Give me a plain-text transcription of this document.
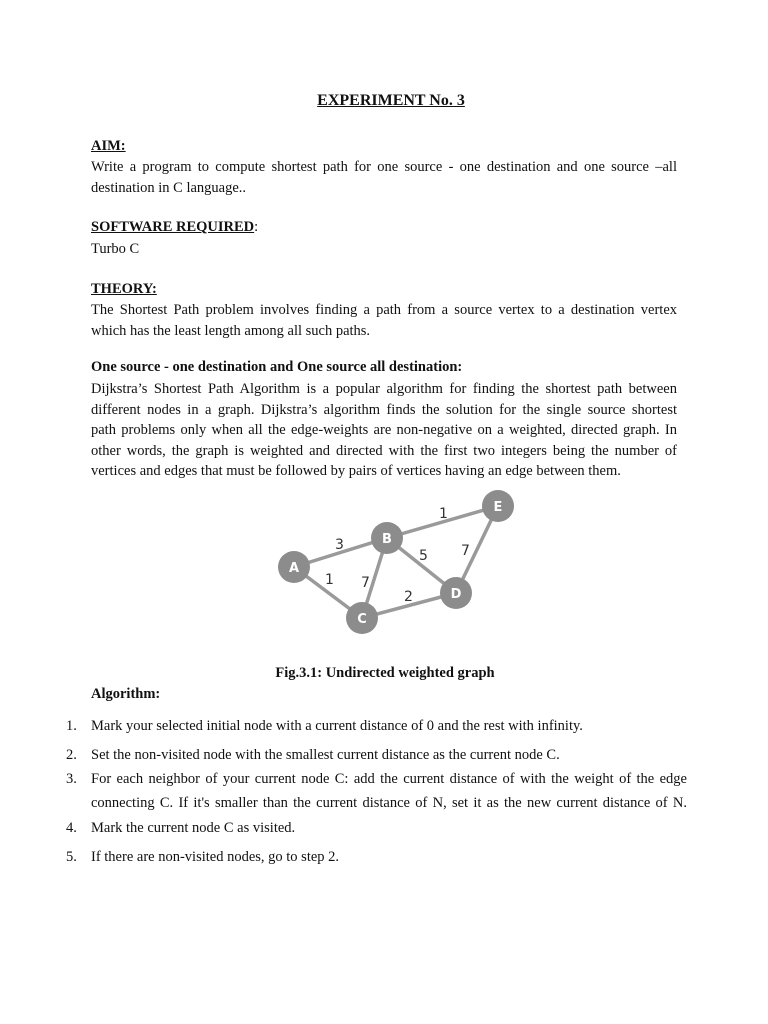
EXPERIMENT No. 3
AIM:
Write a program to compute shortest path for one source - one destination and one source –all
destination in C language..
SOFTWARE REQUIRED:
Turbo C
THEORY:
The Shortest Path problem involves finding a path from a source vertex to a destination vertex
which has the least length among all such paths.
One source - one destination and One source all destination:
Dijkstra’s Shortest Path Algorithm is a popular algorithm for finding the shortest path between
different nodes in a graph. Dijkstra’s algorithm finds the solution for the single source shortest
path problems only when all the edge-weights are non-negative on a weighted, directed graph. In
other words, the graph is weighted and directed with the first two integers being the number of
vertices and edges that must be followed by pairs of vertices having an edge between them.
3
1 7
5
1
2
7
A
B
C
D
E
Fig.3.1: Undirected weighted graph
Algorithm:
1. Mark your selected initial node with a current distance of 0 and the rest with infinity.
2. Set the non-visited node with the smallest current distance as the current node C.
3. For each neighbor of your current node C: add the current distance of with the weight of the edge
connecting C. If it's smaller than the current distance of N, set it as the new current distance of N.
4. Mark the current node C as visited.
5. If there are non-visited nodes, go to step 2.
